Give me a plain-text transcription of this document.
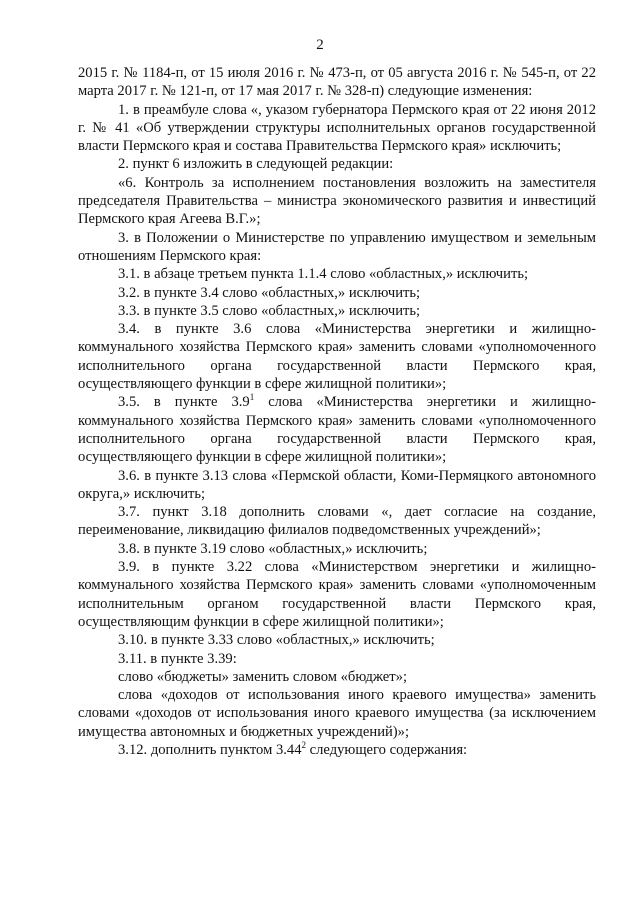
2

2015 г. № 1184-п, от 15 июля 2016 г. № 473-п, от 05 августа 2016 г. № 545-п, от 22 марта 2017 г. № 121-п, от 17 мая 2017 г. № 328-п) следующие изменения:

1. в преамбуле слова «, указом губернатора Пермского края от 22 июня 2012 г. № 41 «Об утверждении структуры исполнительных органов государственной власти Пермского края и состава Правительства Пермского края» исключить;

2. пункт 6 изложить в следующей редакции:

«6. Контроль за исполнением постановления возложить на заместителя председателя Правительства – министра экономического развития и инвестиций Пермского края Агеева В.Г.»;

3. в Положении о Министерстве по управлению имуществом и земельным отношениям Пермского края:

3.1. в абзаце третьем пункта 1.1.4 слово «областных,» исключить;

3.2. в пункте 3.4 слово «областных,» исключить;

3.3. в пункте 3.5 слово «областных,» исключить;

3.4. в пункте 3.6 слова «Министерства энергетики и жилищно-коммунального хозяйства Пермского края» заменить словами «уполномоченного исполнительного органа государственной власти Пермского края, осуществляющего функции в сфере жилищной политики»;

3.5. в пункте $3.9^1$ слова «Министерства энергетики и жилищно-коммунального хозяйства Пермского края» заменить словами «уполномоченного исполнительного органа государственной власти Пермского края, осуществляющего функции в сфере жилищной политики»;

3.6. в пункте 3.13 слова «Пермской области, Коми-Пермяцкого автономного округа,» исключить;

3.7. пункт 3.18 дополнить словами «, дает согласие на создание, переименование, ликвидацию филиалов подведомственных учреждений»;

3.8. в пункте 3.19 слово «областных,» исключить;

3.9. в пункте 3.22 слова «Министерством энергетики и жилищно-коммунального хозяйства Пермского края» заменить словами «уполномоченным исполнительным органом государственной власти Пермского края, осуществляющим функции в сфере жилищной политики»;

3.10. в пункте 3.33 слово «областных,» исключить;

3.11. в пункте 3.39:

слово «бюджеты» заменить словом «бюджет»;

слова «доходов от использования иного краевого имущества» заменить словами «доходов от использования иного краевого имущества (за исключением имущества автономных и бюджетных учреждений)»;

3.12. дополнить пунктом 3.44$^2$ следующего содержания:
